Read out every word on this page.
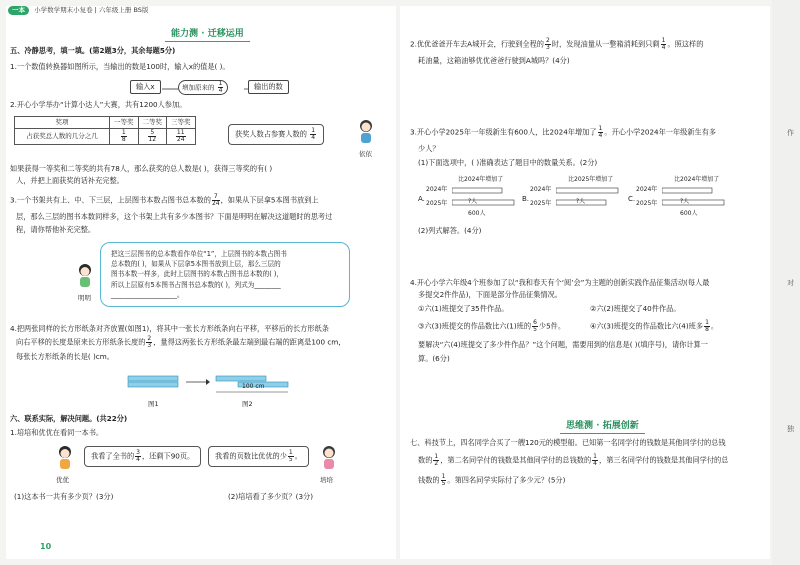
一本 小学数学期末小复卷 | 六年级上册 BS版
能力测 · 迁移运用

五、冷静思考，填一填。(第2题3分，其余每题5分)

1.一个数值转换器如图所示，当输出的数是100时，输入x的值是( )。

输入x	增加原来的 $\frac{1}{4}$	输出的数

2.开心小学举办“计算小达人”大赛，共有1200人参加。

奖项	一等奖	二等奖	三等奖
占获奖总人数的几分之几	$\frac{1}{8}$	$\frac{5}{12}$	$\frac{11}{24}$	获奖人数占参赛人数的 $\frac{1}{4}$
依依

如果获得一等奖和二等奖的共有78人，那么获奖的总人数是( )，获得三等奖的有( )

人，并把上面获奖的话补充完整。

3.一个书架共有上、中、下三层，上层图书本数占图书总本数的 $\frac{7}{24}$ ，如果从下层拿5本图书放到上

层，那么三层的图书本数同样多，这个书架上共有多少本图书？下面是明明在解决这道题时的思考过

程，请你帮他补充完整。

把这三层图书的总本数看作单位“1”，上层图书的本数占图书

总本数的( )，如果从下层拿5本图书放到上层，那么三层的

图书本数一样多，此时上层图书的本数占图书总本数的( )，

所以上层原有5本图书占图书总本数的( )，列式为________

____________________。

明明

4.把两张同样的长方形纸条对齐放置(如图1)，将其中一张长方形纸条向右平移，平移后的长方形纸条

向右平移的长度是原来长方形纸条长度的 $\frac{2}{3}$ ，量得这两张长方形纸条最左端到最右端的距离是100 cm，

每张长方形纸条的长是( )cm。

100 cm
图1	图2

六、联系实际，解决问题。(共22分)

1.培培和优优在看同一本书。

我看了全书的 $\frac{3}{4}$ ，还剩下90页。
优优
我看的页数比优优的少 $\frac{1}{5}$ 。
培培

(1)这本书一共有多少页？(3分)	(2)培培看了多少页？(3分)

10

2.优优爸爸开车去A城开会，行驶到全程的 $\frac{2}{3}$ 时，发现油量从一整箱消耗到只剩 $\frac{1}{4}$ 。照这样的

耗油量，这箱油够优优爸爸行驶到A城吗？(4分)

3.开心小学2025年一年级新生有600人，比2024年增加了 $\frac{1}{4}$ 。开心小学2024年一年级新生有多

少人？

(1)下面选项中，( )准确表达了题目中的数量关系。(2分)

A.
2024年
2025年
比2024年增加了
?人
600人
B.
2024年
2025年
比2025年增加了
?人	C.
2024年
2025年
比2024年增加了
?人
600人

(2)列式解答。(4分)

4.开心小学六年级4个班参加了以“我和春天有个‘阅’会”为主题的创新实践作品征集活动(每人最

多提交2件作品)，下面是部分作品征集情况。

①六(1)班提交了35件作品。	②六(2)班提交了40件作品。

③六(3)班提交的作品数比六(1)班的 $\frac{6}{5}$ 少5件。	④六(3)班提交的作品数比六(4)班多 $\frac{1}{8}$ 。

要解决“六(4)班提交了多少件作品？”这个问题，需要用到的信息是( )(填序号)，请你计算一

算。(6分)

思维测 · 拓展创新

七、科技节上，四名同学合买了一艘120元的模型船。已知第一名同学付的钱数是其他同学付的总钱

数的 $\frac{1}{2}$ ，第二名同学付的钱数是其他同学付的总钱数的 $\frac{1}{4}$ ，第三名同学付的钱数是其他同学付的总

钱数的 $\frac{1}{5}$ 。第四名同学实际付了多少元？(5分)

作
对
独
